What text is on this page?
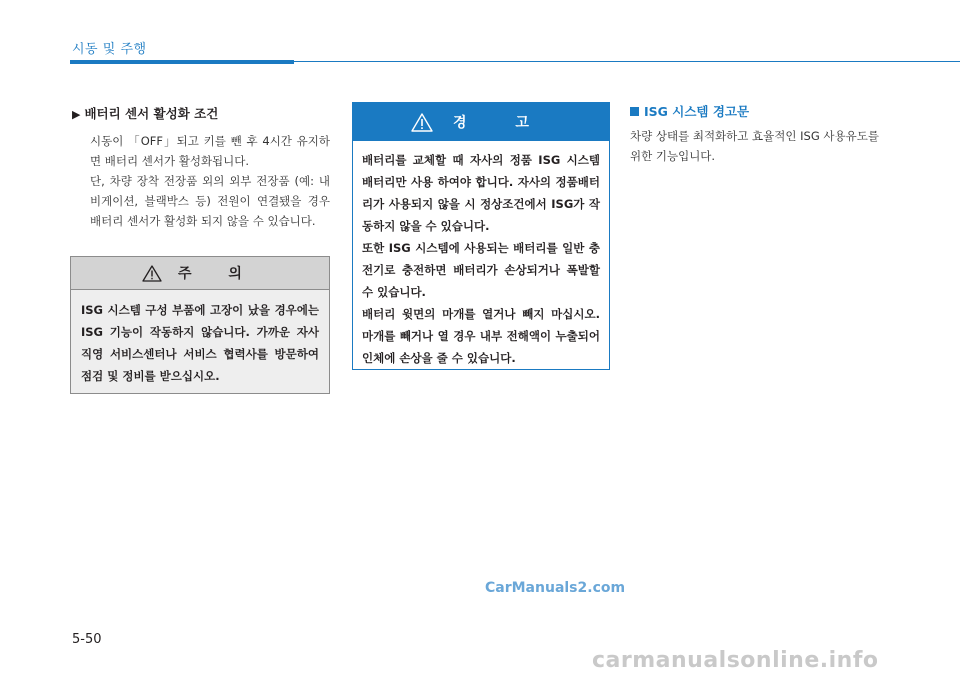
시동 및 주행
▶ 배터리 센서 활성화 조건

시동이 「OFF」되고 키를 뺀 후 4시간 유지하면 배터리 센서가 활성화됩니다.

단, 차량 장착 전장품 외의 외부 전장품 (예: 내비게이션, 블랙박스 등) 전원이 연결됐을 경우 배터리 센서가 활성화 되지 않을 수 있습니다.

주 의
ISG 시스템 구성 부품에 고장이 났을 경우에는 ISG 기능이 작동하지 않습니다. 가까운 자사 직영 서비스센터나 서비스 협력사를 방문하여 점검 및 정비를 받으십시오.
경 고

배터리를 교체할 때 자사의 정품 ISG 시스템 배터리만 사용 하여야 합니다. 자사의 정품배터리가 사용되지 않을 시 정상조건에서 ISG가 작동하지 않을 수 있습니다.

또한 ISG 시스템에 사용되는 배터리를 일반 충전기로 충전하면 배터리가 손상되거나 폭발할 수 있습니다.

배터리 윗면의 마개를 열거나 빼지 마십시오. 마개를 빼거나 열 경우 내부 전해액이 누출되어 인체에 손상을 줄 수 있습니다.

ISG 시스템 경고문
차량 상태를 최적화하고 효율적인 ISG 사용유도를 위한 기능입니다.
CarManuals2.com
5-50
carmanualsonline.info
